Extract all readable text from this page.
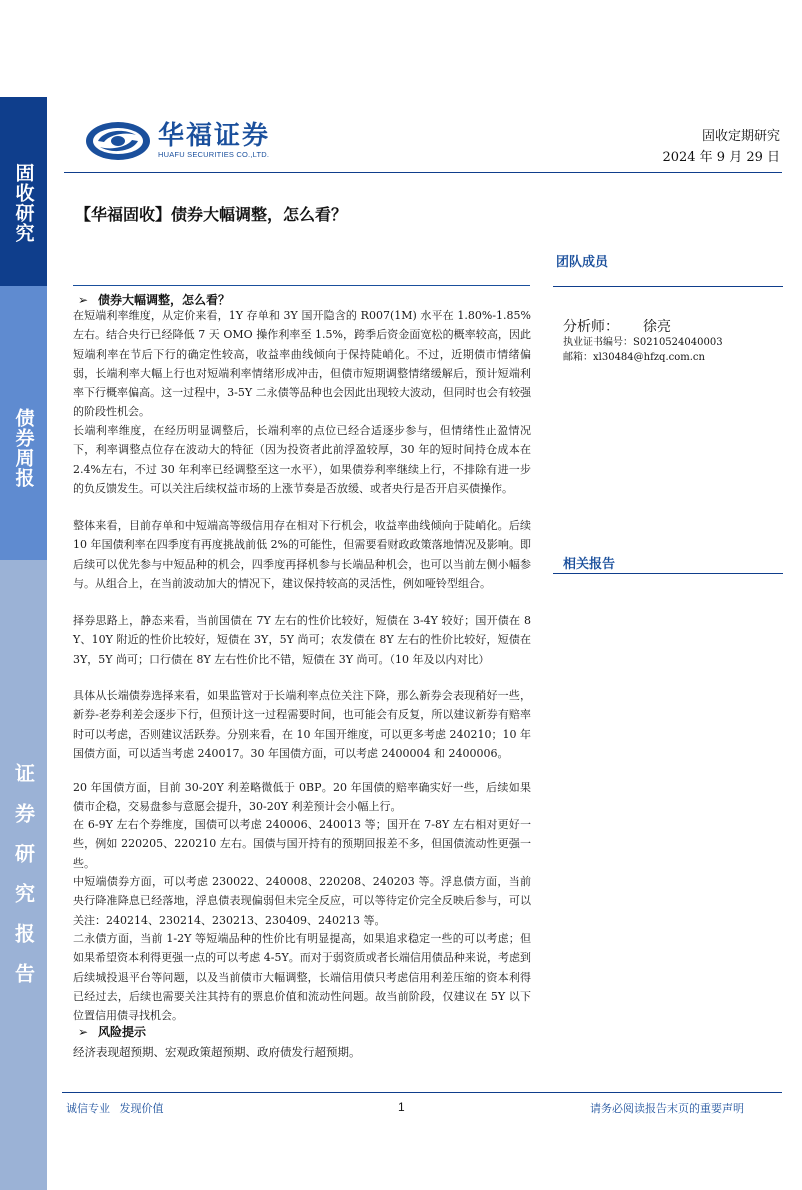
固收研究
债券周报
证券研究报告
华福证券
HUAFU SECURITIES CO.,LTD.
固收定期研究
2024 年 9 月 29 日
【华福固收】债券大幅调整，怎么看？
➢ 债券大幅调整，怎么看？
在短端利率维度，从定价来看，1Y 存单和 3Y 国开隐含的 R007(1M) 水平在 1.80%-1.85% 左右。结合央行已经降低 7 天 OMO 操作利率至 1.5%，跨季后资金面宽松的概率较高，因此短端利率在节后下行的确定性较高，收益率曲线倾向于保持陡峭化。不过，近期债市情绪偏弱，长端利率大幅上行也对短端利率情绪形成冲击，但债市短期调整情绪缓解后，预计短端利率下行概率偏高。这一过程中，3-5Y 二永债等品种也会因此出现较大波动，但同时也会有较强的阶段性机会。
长端利率维度，在经历明显调整后，长端利率的点位已经合适逐步参与，但情绪性止盈情况下，利率调整点位存在波动大的特征（因为投资者此前浮盈较厚，30 年的短时间持仓成本在 2.4%左右，不过 30 年利率已经调整至这一水平），如果债券利率继续上行，不排除有进一步的负反馈发生。可以关注后续权益市场的上涨节奏是否放缓、或者央行是否开启买债操作。
整体来看，目前存单和中短端高等级信用存在相对下行机会，收益率曲线倾向于陡峭化。后续 10 年国债利率在四季度有再度挑战前低 2%的可能性，但需要看财政政策落地情况及影响。即后续可以优先参与中短品种的机会，四季度再择机参与长端品种机会，也可以当前左侧小幅参与。从组合上，在当前波动加大的情况下，建议保持较高的灵活性，例如哑铃型组合。
择券思路上，静态来看，当前国债在 7Y 左右的性价比较好，短债在 3-4Y 较好；国开债在 8Y、10Y 附近的性价比较好，短债在 3Y，5Y 尚可；农发债在 8Y 左右的性价比较好，短债在 3Y，5Y 尚可；口行债在 8Y 左右性价比不错，短债在 3Y 尚可。（10 年及以内对比）
具体从长端债券选择来看，如果监管对于长端利率点位关注下降，那么新券会表现稍好一些，新券-老券利差会逐步下行，但预计这一过程需要时间，也可能会有反复，所以建议新券有赔率时可以考虑，否则建议活跃券。分别来看，在 10 年国开维度，可以更多考虑 240210；10 年国债方面，可以适当考虑 240017。30 年国债方面，可以考虑 2400004 和 2400006。
20 年国债方面，目前 30-20Y 利差略微低于 0BP。20 年国债的赔率确实好一些，后续如果债市企稳，交易盘参与意愿会提升，30-20Y 利差预计会小幅上行。
在 6-9Y 左右个券维度，国债可以考虑 240006、240013 等；国开在 7-8Y 左右相对更好一些，例如 220205、220210 左右。国债与国开持有的预期回报差不多，但国债流动性更强一些。
中短端债券方面，可以考虑 230022、240008、220208、240203 等。浮息债方面，当前央行降准降息已经落地，浮息债表现偏弱但未完全反应，可以等待定价完全反映后参与，可以关注：240214、230214、230213、230409、240213 等。
二永债方面，当前 1-2Y 等短端品种的性价比有明显提高，如果追求稳定一些的可以考虑；但如果希望资本利得更强一点的可以考虑 4-5Y。而对于弱资质或者长端信用债品种来说，考虑到后续城投退平台等问题，以及当前债市大幅调整，长端信用债只考虑信用利差压缩的资本利得已经过去，后续也需要关注其持有的票息价值和流动性问题。故当前阶段，仅建议在 5Y 以下位置信用债寻找机会。
➢ 风险提示
经济表现超预期、宏观政策超预期、政府债发行超预期。
团队成员
分析师： 徐亮
执业证书编号：S0210524040003
邮箱：xl30484@hfzq.com.cn
相关报告
诚信专业 发现价值	1	请务必阅读报告末页的重要声明
